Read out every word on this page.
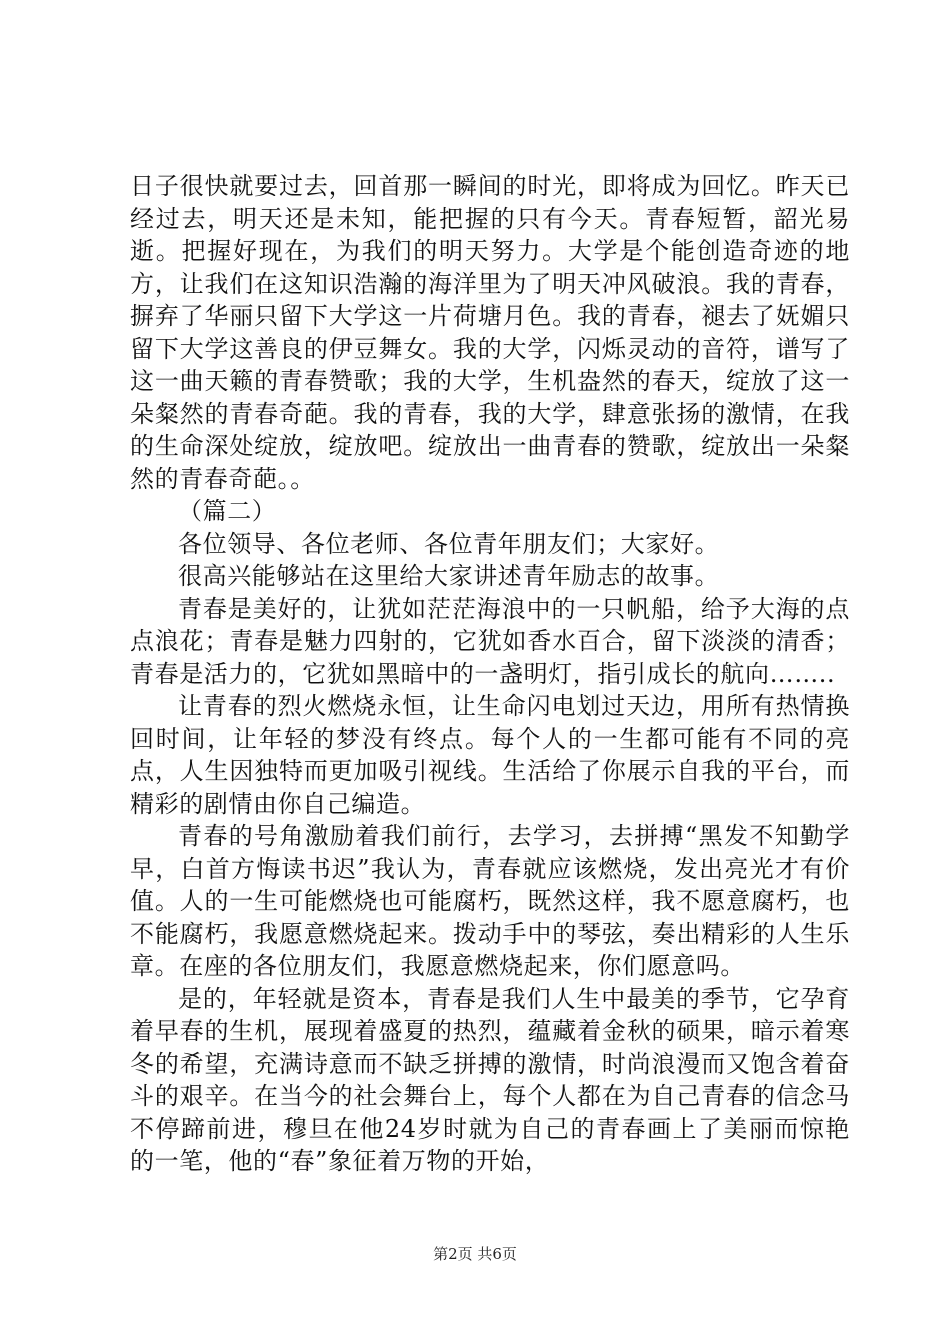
日子很快就要过去，回首那一瞬间的时光，即将成为回忆。昨天已经过去，明天还是未知，能把握的只有今天。青春短暂，韶光易逝。把握好现在，为我们的明天努力。大学是个能创造奇迹的地方，让我们在这知识浩瀚的海洋里为了明天冲风破浪。我的青春，摒弃了华丽只留下大学这一片荷塘月色。我的青春，褪去了妩媚只留下大学这善良的伊豆舞女。我的大学，闪烁灵动的音符，谱写了这一曲天籁的青春赞歌；我的大学，生机盎然的春天，绽放了这一朵粲然的青春奇葩。我的青春，我的大学，肆意张扬的激情，在我的生命深处绽放，绽放吧。绽放出一曲青春的赞歌，绽放出一朵粲然的青春奇葩。。

（篇二）

各位领导、各位老师、各位青年朋友们；大家好。

很高兴能够站在这里给大家讲述青年励志的故事。

青春是美好的，让犹如茫茫海浪中的一只帆船，给予大海的点点浪花；青春是魅力四射的，它犹如香水百合，留下淡淡的清香；青春是活力的，它犹如黑暗中的一盏明灯，指引成长的航向……..

让青春的烈火燃烧永恒，让生命闪电划过天边，用所有热情换回时间，让年轻的梦没有终点。每个人的一生都可能有不同的亮点，人生因独特而更加吸引视线。生活给了你展示自我的平台，而精彩的剧情由你自己编造。

青春的号角激励着我们前行，去学习，去拼搏“黑发不知勤学早，白首方悔读书迟”我认为，青春就应该燃烧，发出亮光才有价值。人的一生可能燃烧也可能腐朽，既然这样，我不愿意腐朽，也不能腐朽，我愿意燃烧起来。拨动手中的琴弦，奏出精彩的人生乐章。在座的各位朋友们，我愿意燃烧起来，你们愿意吗。

是的，年轻就是资本，青春是我们人生中最美的季节，它孕育着早春的生机，展现着盛夏的热烈，蕴藏着金秋的硕果，暗示着寒冬的希望，充满诗意而不缺乏拼搏的激情，时尚浪漫而又饱含着奋斗的艰辛。在当今的社会舞台上，每个人都在为自己青春的信念马不停蹄前进，穆旦在他24岁时就为自己的青春画上了美丽而惊艳的一笔，他的“春”象征着万物的开始，

第2页 共6页
